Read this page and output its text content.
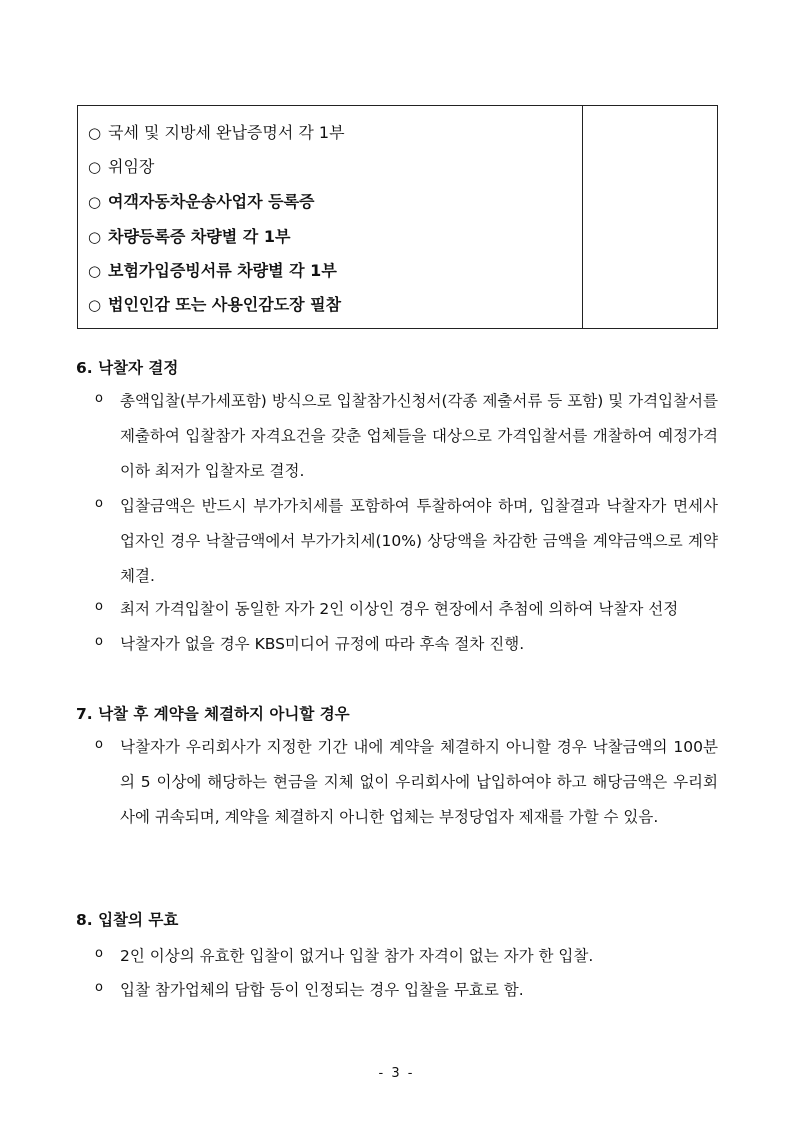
○ 국세 및 지방세 완납증명서 각 1부
○ 위임장
○ 여객자동차운송사업자 등록증
○ 차량등록증 차량별 각 1부
○ 보험가입증빙서류 차량별 각 1부
○ 법인인감 또는 사용인감도장 필참
6. 낙찰자 결정
o	총액입찰(부가세포함) 방식으로 입찰참가신청서(각종 제출서류 등 포함) 및 가격입찰서를 제출하여 입찰참가 자격요건을 갖춘 업체들을 대상으로 가격입찰서를 개찰하여 예정가격 이하 최저가 입찰자로 결정.
o	입찰금액은 반드시 부가가치세를 포함하여 투찰하여야 하며, 입찰결과 낙찰자가 면세사업자인 경우 낙찰금액에서 부가가치세(10%) 상당액을 차감한 금액을 계약금액으로 계약 체결.
o	최저 가격입찰이 동일한 자가 2인 이상인 경우 현장에서 추첨에 의하여 낙찰자 선정
o	낙찰자가 없을 경우 KBS미디어 규정에 따라 후속 절차 진행.
7. 낙찰 후 계약을 체결하지 아니할 경우
o	낙찰자가 우리회사가 지정한 기간 내에 계약을 체결하지 아니할 경우 낙찰금액의 100분의 5 이상에 해당하는 현금을 지체 없이 우리회사에 납입하여야 하고 해당금액은 우리회사에 귀속되며, 계약을 체결하지 아니한 업체는 부정당업자 제재를 가할 수 있음.
8. 입찰의 무효
o	2인 이상의 유효한 입찰이 없거나 입찰 참가 자격이 없는 자가 한 입찰.
o	입찰 참가업체의 담합 등이 인정되는 경우 입찰을 무효로 함.
- 3 -
